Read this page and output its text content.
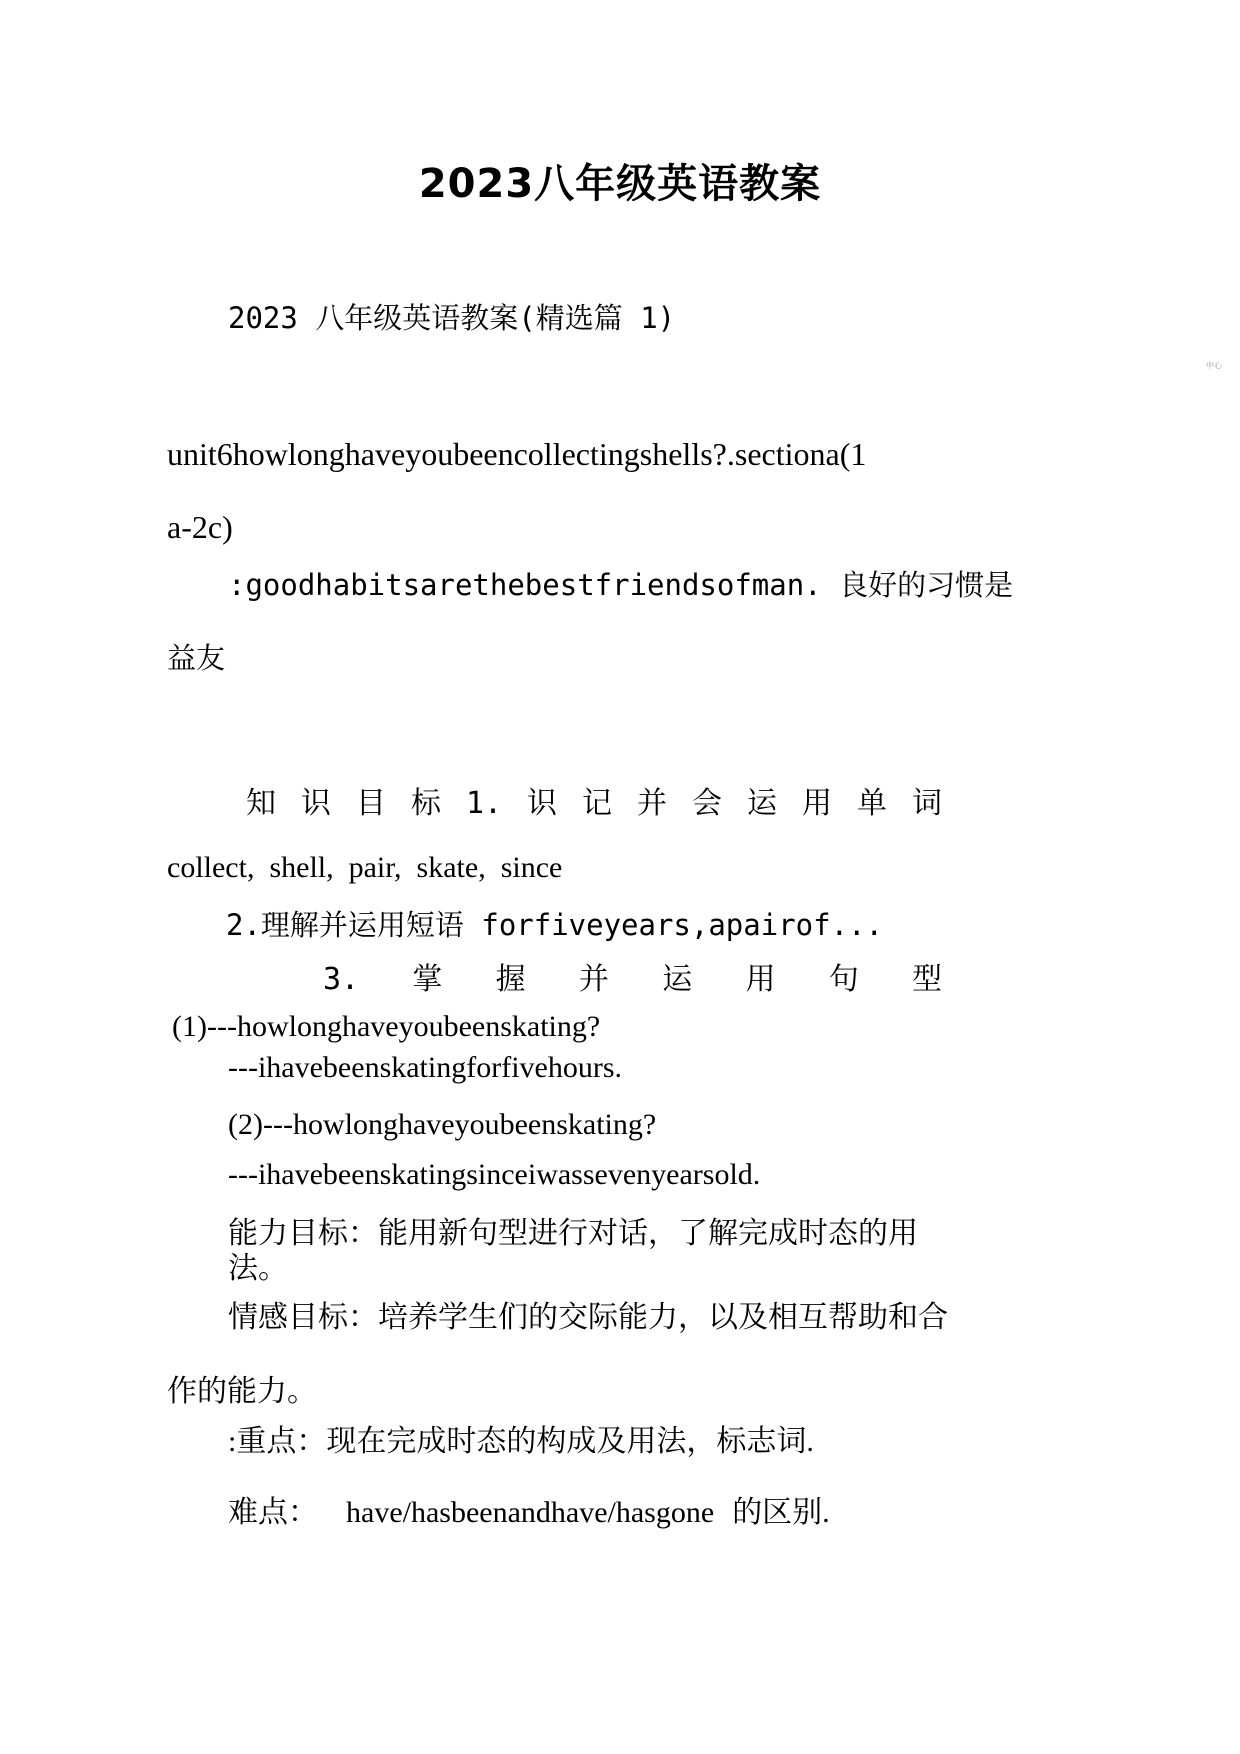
2023八年级英语教案
中心
2023 八年级英语教案(精选篇 1)
unit6howlonghaveyoubeencollectingshells?.sectiona(1
a-2c)
:goodhabitsarethebestfriendsofman. 良好的习惯是
益友
知 识 目 标 1. 识 记 并 会 运 用 单 词
collect,  shell,  pair,  skate,  since
2.理解并运用短语 forfiveyears,apairof...
3. 掌 握 并 运 用 句 型
(1)---howlonghaveyoubeenskating?
---ihavebeenskatingforfivehours.
(2)---howlonghaveyoubeenskating?
---ihavebeenskatingsinceiwassevenyearsold.
能力目标：能用新句型进行对话，了解完成时态的用
法。
情感目标：培养学生们的交际能力，以及相互帮助和合
作的能力。
:重点：现在完成时态的构成及用法，标志词.
难点： have/hasbeenandhave/hasgone 的区别.
